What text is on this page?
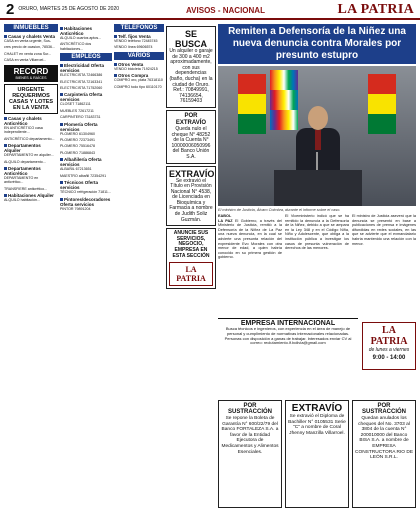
2 ORURO, MARTES 25 DE AGOSTO DE 2020	AVISOS - NACIONAL	LA PATRIA
INMUEBLES
Casas y chalets Venta
CASA en venta urgente, Sus-
cres precio de ocasion, 78536...
CHALET en venta zona Sur...
CASA en venta Villarroel...
RECORD
BIENES & RAÍCES
URGENTE
REQUERIMOS
CASAS Y LOTES
EN LA VENTA
Casas y chalets Anticrético
EN ANTICRÉTICO casa independiente...
ANTICRÉTICO departamento...
Departamentos Alquiler
DEPARTAMENTO en alquiler...
ALQUILO departamento...
Departamentos Anticrético
DEPARTAMENTO en anticrético...
TRANSFIERE anticrético...
Habitaciones Alquiler
ALQUILO habitación...
Habitaciones Anticrético
ALQUILO cuartos aptos...
ANTICRÉTICO dos habitaciones...
EMPLEOS
Electricidad Oferta servicios
ELECTRICISTA 72466386
ELECTRICISTA 72163341
ELECTRICISTA 71752060
Carpintería Oferta servicios
CLOSET 71862111
MUEBLES 72617211
CARPINTERO 73183731
Plomería Oferta servicios
PLOMERO 61304960
PLOMERO 72373491
PLOMERO 75516478
PLOMERO 71886843
Albañilería Oferta servicios
ALBAÑIL 67213651
MAESTRO albañil 72354291
Técnicos Oferta servicios
TÉCNICO refrigeración 71811...
Pintores/decoradores Oferta servicios
PINTOR 79891204
TELÉFONOS
Telf. fijos Venta
VENDO teléfono 72445745
VENDO línea 69606574
VARIOS
Otros Venta
VENDO bicicleta 71924215
Otros Compra
COMPRO oro, plata 76318110
COMPRO todo tipo 60110170
SE BUSCA
Un alquiler o garaje de 300 a 400 m2 aproximadamente, con sus dependencias (baño, ducha) en la ciudad de Oruro. Ref.: 70849991, 74136654, 76159403
POR EXTRAVÍO
Queda nulo el cheque N° 48252 de la Cuenta N° 10000006050996 del Banco Unión S.A.
EXTRAVÍO
Se extravió el Título en Provisión Nacional N° 4538, de Licenciada en Bioquímica y Farmacia a nombre de Judith Soliz Guzmán.
ANUNCIE SUS SERVICIOS, NEGOCIO, EMPRESA EN ESTA SECCIÓN
LA PATRIA
Remiten a Defensoría de la Niñez una nueva denuncia contra Morales por presunto estupro
El ministro de Justicia, Álvaro Coimbra, durante el informe sobre el caso.
EABOL
LA PAZ El Gobierno, a través del Ministerio de Justicia, remitió a la Defensoría de la Niñez de La Paz una nueva denuncia, en la cual se advierte una presunta relación del expresidente Evo Morales con otra menor de edad, a quien habría conocido en su primera gestión de gobierno.
El Viceministerio indicó que se ha remitido la denuncia a la Defensoría de la Niñez, debido a que se ampara en la Ley 348 y en el Código Niña, Niño y Adolescente, que obliga a la institución pública a investigar los casos de presunta vulneración de derechos de las menores.
El ministro de Justicia aseveró que la denuncia se presentó en base a publicaciones de prensa e imágenes difundidas en redes sociales, en las que se advierte que el exmandatario habría mantenido una relación con la menor.
EMPRESA INTERNACIONAL
Busca técnicos e ingenieros, con experiencia en el área de manejo de personal y cumplimiento de normativas internacionales relacionadas. Personas con disposición a ganas de trabajar. Interesados enviar CV al correo: reclutamiento.lf.bolivia@gmail.com
LA PATRIA
de lunes a viernes
9:00 - 14:00
POR SUSTRACCIÓN
Se repone la Boleta de Garantía N° 600/22/79 del Banco FORTALEZA S.A. a favor de la Entidad Ejecutora de Medicamentos y Alimentos Esenciales.
EXTRAVÍO
Se extravió el Diploma de Bachiller N° 0105531 Serie "C" a nombre de Coral Jhenny Manzilla Villarroel.
POR SUSTRACCIÓN
Quedan anulados los cheques del No. 3703 al 3804 de la cuenta N° 200010000 del Banco BISA S.A. a nombre de EMPRESA CONSTRUCTORA RIO DE LEÓN S.R.L.
